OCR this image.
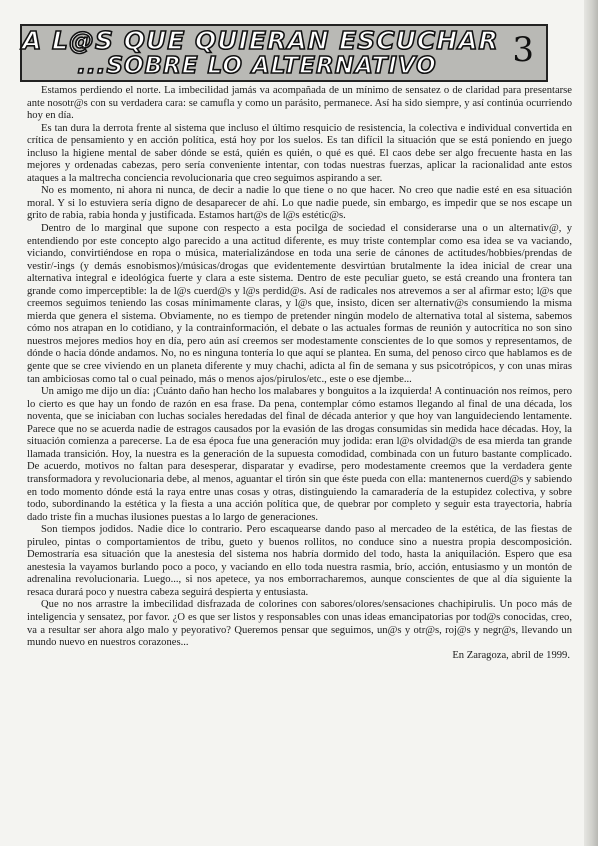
A L@S QUE QUIERAN ESCUCHAR
...SOBRE LO ALTERNATIVO	3

Estamos perdiendo el norte. La imbecilidad jamás va acompañada de un mínimo de sensatez o de claridad para presentarse ante nosotr@s con su verdadera cara: se camufla y como un parásito, permanece. Así ha sido siempre, y así continúa ocurriendo hoy en día.

Es tan dura la derrota frente al sistema que incluso el último resquicio de resistencia, la colectiva e individual convertida en crítica de pensamiento y en acción política, está hoy por los suelos. Es tan difícil la situación que se está poniendo en juego incluso la higiene mental de saber dónde se está, quién es quién, o qué es qué. El caos debe ser algo frecuente hasta en las mejores y ordenadas cabezas, pero sería conveniente intentar, con todas nuestras fuerzas, aplicar la racionalidad ante estos ataques a la maltrecha conciencia revolucionaria que creo seguimos aspirando a ser.

No es momento, ni ahora ni nunca, de decir a nadie lo que tiene o no que hacer. No creo que nadie esté en esa situación moral. Y si lo estuviera sería digno de desaparecer de ahí. Lo que nadie puede, sin embargo, es impedir que se nos escape un grito de rabia, rabia honda y justificada. Estamos hart@s de l@s estétic@s.

Dentro de lo marginal que supone con respecto a esta pocilga de sociedad el considerarse una o un alternativ@, y entendiendo por este concepto algo parecido a una actitud diferente, es muy triste contemplar como esa idea se va vaciando, viciando, convirtiéndose en ropa o música, materializándose en toda una serie de cánones de actitudes/hobbies/prendas de vestir/-ings (y demás esnobismos)/músicas/drogas que evidentemente desvirtúan brutalmente la idea inicial de crear una alternativa integral e ideológica fuerte y clara a este sistema. Dentro de este peculiar gueto, se está creando una frontera tan grande como imperceptible: la de l@s cuerd@s y l@s perdid@s. Así de radicales nos atrevemos a ser al afirmar esto; l@s que creemos seguimos teniendo las cosas mínimamente claras, y l@s que, insisto, dicen ser alternativ@s consumiendo la misma mierda que genera el sistema. Obviamente, no es tiempo de pretender ningún modelo de alternativa total al sistema, sabemos cómo nos atrapan en lo cotidiano, y la contrainformación, el debate o las actuales formas de reunión y autocrítica no son sino nuestros mejores medios hoy en día, pero aún así creemos ser modestamente conscientes de lo que somos y representamos, de dónde o hacia dónde andamos. No, no es ninguna tontería lo que aquí se plantea. En suma, del penoso circo que hablamos es de gente que se cree viviendo en un planeta diferente y muy chachi, adicta al fin de semana y sus psicotrópicos, y con unas miras tan ambiciosas como tal o cual peinado, más o menos ajos/pirulos/etc., este o ese djembe...

Un amigo me dijo un día: ¡Cuánto daño han hecho los malabares y bonguitos a la izquierda! A continuación nos reímos, pero lo cierto es que hay un fondo de razón en esa frase. Da pena, contemplar cómo estamos llegando al final de una década, los noventa, que se iniciaban con luchas sociales heredadas del final de década anterior y que hoy van languideciendo lentamente. Parece que no se acuerda nadie de estragos causados por la evasión de las drogas consumidas sin medida hace décadas. Hoy, la situación comienza a parecerse. La de esa época fue una generación muy jodida: eran l@s olvidad@s de esa mierda tan grande llamada transición. Hoy, la nuestra es la generación de la supuesta comodidad, combinada con un futuro bastante complicado. De acuerdo, motivos no faltan para desesperar, disparatar y evadirse, pero modestamente creemos que la verdadera gente transformadora y revolucionaria debe, al menos, aguantar el tirón sin que éste pueda con ella: mantenernos cuerd@s y sabiendo en todo momento dónde está la raya entre unas cosas y otras, distinguiendo la camaradería de la estupidez colectiva, y sobre todo, subordinando la estética y la fiesta a una acción política que, de quebrar por completo y seguir esta trayectoria, habría dado triste fin a muchas ilusiones puestas a lo largo de generaciones.

Son tiempos jodidos. Nadie dice lo contrario. Pero escaquearse dando paso al mercadeo de la estética, de las fiestas de piruleo, pintas o comportamientos de tribu, gueto y buenos rollitos, no conduce sino a nuestra propia descomposición. Demostraría esa situación que la anestesia del sistema nos habría dormido del todo, hasta la aniquilación. Espero que esa anestesia la vayamos burlando poco a poco, y vaciando en ello toda nuestra rasmia, brío, acción, entusiasmo y un montón de adrenalina revolucionaria. Luego..., si nos apetece, ya nos emborracharemos, aunque conscientes de que al día siguiente la resaca durará poco y nuestra cabeza seguirá despierta y entusiasta.

Que no nos arrastre la imbecilidad disfrazada de colorines con sabores/olores/sensaciones chachipirulis. Un poco más de inteligencia y sensatez, por favor. ¿O es que ser listos y responsables con unas ideas emancipatorias por tod@s conocidas, creo, va a resultar ser ahora algo malo y peyorativo? Queremos pensar que seguimos, un@s y otr@s, roj@s y negr@s, llevando un mundo nuevo en nuestros corazones...

En Zaragoza, abril de 1999.
